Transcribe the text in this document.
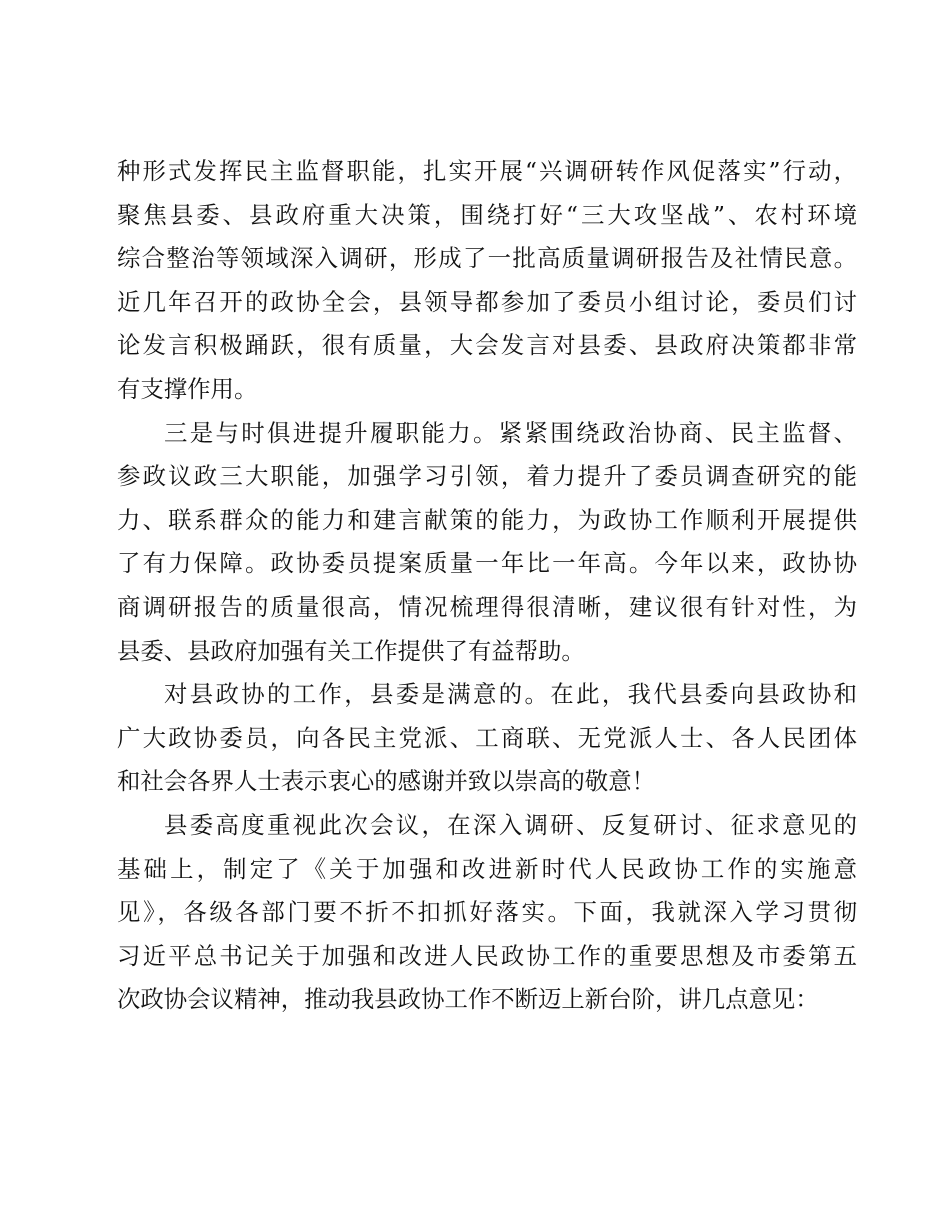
种形式发挥民主监督职能，扎实开展“兴调研转作风促落实”行动，
聚焦县委、县政府重大决策，围绕打好“三大攻坚战”、农村环境
综合整治等领域深入调研，形成了一批高质量调研报告及社情民意。
近几年召开的政协全会，县领导都参加了委员小组讨论，委员们讨
论发言积极踊跃，很有质量，大会发言对县委、县政府决策都非常
有支撑作用。
三是与时俱进提升履职能力。紧紧围绕政治协商、民主监督、
参政议政三大职能，加强学习引领，着力提升了委员调查研究的能
力、联系群众的能力和建言献策的能力，为政协工作顺利开展提供
了有力保障。政协委员提案质量一年比一年高。今年以来，政协协
商调研报告的质量很高，情况梳理得很清晰，建议很有针对性，为
县委、县政府加强有关工作提供了有益帮助。
对县政协的工作，县委是满意的。在此，我代县委向县政协和
广大政协委员，向各民主党派、工商联、无党派人士、各人民团体
和社会各界人士表示衷心的感谢并致以崇高的敬意！
县委高度重视此次会议，在深入调研、反复研讨、征求意见的
基础上，制定了《关于加强和改进新时代人民政协工作的实施意
见》，各级各部门要不折不扣抓好落实。下面，我就深入学习贯彻
习近平总书记关于加强和改进人民政协工作的重要思想及市委第五
次政协会议精神，推动我县政协工作不断迈上新台阶，讲几点意见：
